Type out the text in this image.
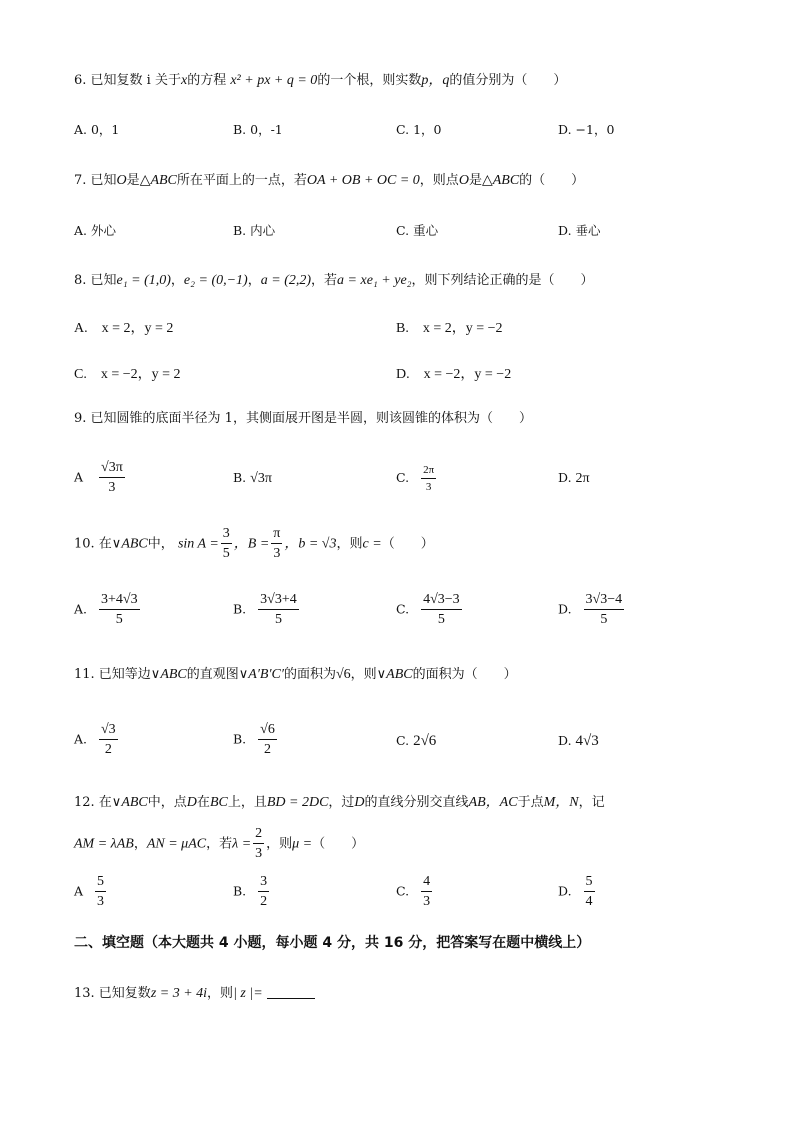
6. 已知复数 i 关于x的方程 x² + px + q = 0的一个根，则实数p，q的值分别为（　　）
A. 0，1	B. 0，-1	C. 1，0	D. −1，0
7. 已知O是△ABC所在平面上的一点，若OA + OB + OC = 0，则点O是△ABC的（　　）
A. 外心	B. 内心	C. 重心	D. 垂心
8. 已知e₁ = (1,0)，e₂ = (0,−1)，a = (2,2)，若a = xe₁ + ye₂，则下列结论正确的是（　　）
A.　x = 2，y = 2	B.　x = 2，y = −2
C.　x = −2，y = 2	D.　x = −2，y = −2
9. 已知圆锥的底面半径为 1，其侧面展开图是半圆，则该圆锥的体积为（　　）
A $\frac{√3\pi}{3}$	B. √3π	C. $\frac{2\pi}{3}$	D. 2π
10. 在∨ABC中， $\sin A = \frac{3}{5}$ ，$B = \frac{\pi}{3}$ ，b = √3，则c =（　　）
A. $\frac{3+4√3}{5}$	B. $\frac{3√3+4}{5}$	C. $\frac{4√3-3}{5}$	D. $\frac{3√3-4}{5}$
11. 已知等边∨ABC的直观图∨A′B′C′的面积为√6，则∨ABC的面积为（　　）
A. $\frac{√3}{2}$	B. $\frac{√6}{2}$	C. 2√6	D. 4√3
12. 在∨ABC中，点D在BC上，且BD = 2DC，过D的直线分别交直线AB，AC于点M，N，记
AM = λAB，AN = μAC，若$\lambda = \frac{2}{3}$ ，则μ =（　　）
A $\frac{5}{3}$	B. $\frac{3}{2}$	C. $\frac{4}{3}$	D. $\frac{5}{4}$
二、填空题（本大题共 4 小题，每小题 4 分，共 16 分，把答案写在题中横线上）
13. 已知复数z = 3 + 4i，则| z |=
